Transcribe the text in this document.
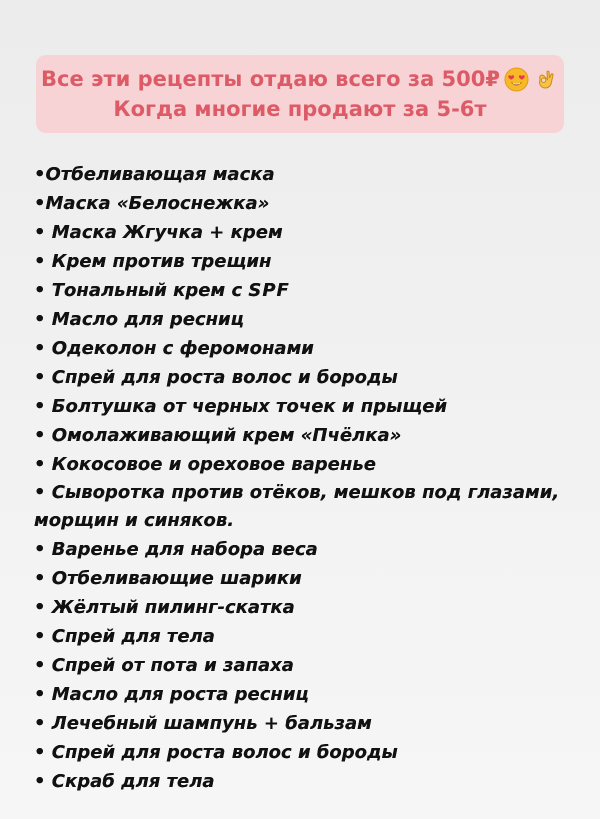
Все эти рецепты отдаю всего за 500₽
Когда многие продают за 5-6т
•Отбеливающая маска
•Маска «Белоснежка»
• Маска Жгучка + крем
• Крем против трещин
• Тональный крем с SPF
• Масло для ресниц
• Одеколон с феромонами
• Спрей для роста волос и бороды
• Болтушка от черных точек и прыщей
• Омолаживающий крем «Пчёлка»
• Кокосовое и ореховое варенье
• Сыворотка против отёков, мешков под глазами, морщин и синяков.
• Варенье для набора веса
• Отбеливающие шарики
• Жёлтый пилинг-скатка
• Спрей для тела
• Спрей от пота и запаха
• Масло для роста ресниц
• Лечебный шампунь + бальзам
• Спрей для роста волос и бороды
• Скраб для тела
